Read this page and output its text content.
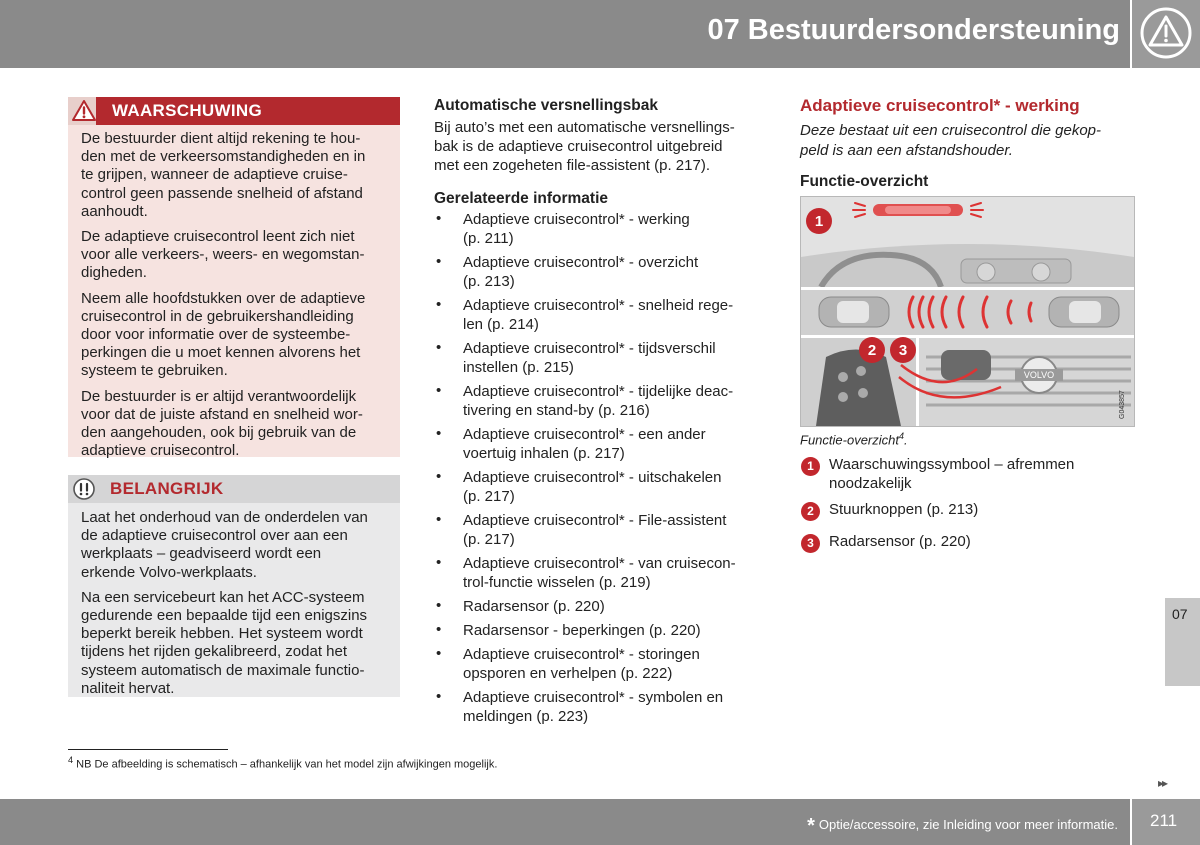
07 Bestuurdersondersteuning
WAARSCHUWING
De bestuurder dient altijd rekening te hou-
den met de verkeersomstandigheden en in
te grijpen, wanneer de adaptieve cruise-
control geen passende snelheid of afstand
aanhoudt.
De adaptieve cruisecontrol leent zich niet
voor alle verkeers-, weers- en wegomstan-
digheden.
Neem alle hoofdstukken over de adaptieve
cruisecontrol in de gebruikershandleiding
door voor informatie over de systeembe-
perkingen die u moet kennen alvorens het
systeem te gebruiken.
De bestuurder is er altijd verantwoordelijk
voor dat de juiste afstand en snelheid wor-
den aangehouden, ook bij gebruik van de
adaptieve cruisecontrol.
BELANGRIJK
Laat het onderhoud van de onderdelen van
de adaptieve cruisecontrol over aan een
werkplaats – geadviseerd wordt een
erkende Volvo-werkplaats.
Na een servicebeurt kan het ACC-systeem
gedurende een bepaalde tijd een enigszins
beperkt bereik hebben. Het systeem wordt
tijdens het rijden gekalibreerd, zodat het
systeem automatisch de maximale functio-
naliteit hervat.
Automatische versnellingsbak
Bij auto’s met een automatische versnellings-
bak is de adaptieve cruisecontrol uitgebreid
met een zogeheten file-assistent (p. 217).
Gerelateerde informatie
• Adaptieve cruisecontrol* - werking
(p. 211)
• Adaptieve cruisecontrol* - overzicht
(p. 213)
• Adaptieve cruisecontrol* - snelheid rege-
len (p. 214)
• Adaptieve cruisecontrol* - tijdsverschil
instellen (p. 215)
• Adaptieve cruisecontrol* - tijdelijke deac-
tivering en stand-by (p. 216)
• Adaptieve cruisecontrol* - een ander
voertuig inhalen (p. 217)
• Adaptieve cruisecontrol* - uitschakelen
(p. 217)
• Adaptieve cruisecontrol* - File-assistent
(p. 217)
• Adaptieve cruisecontrol* - van cruisecon-
trol-functie wisselen (p. 219)
• Radarsensor (p. 220)
• Radarsensor - beperkingen (p. 220)
• Adaptieve cruisecontrol* - storingen
opsporen en verhelpen (p. 222)
• Adaptieve cruisecontrol* - symbolen en
meldingen (p. 223)
Adaptieve cruisecontrol* - werking
Deze bestaat uit een cruisecontrol die gekop-
peld is aan een afstandshouder.
Functie-overzicht
VOLVO
G043857
1
2 3
Functie-overzicht$^4$.
1	Waarschuwingssymbool – afremmen
noodzakelijk
2	Stuurknoppen (p. 213)
3	Radarsensor (p. 220)
07
▸▸
$^4$ NB De afbeelding is schematisch – afhankelijk van het model zijn afwijkingen mogelijk.
* Optie/accessoire, zie Inleiding voor meer informatie. 211
